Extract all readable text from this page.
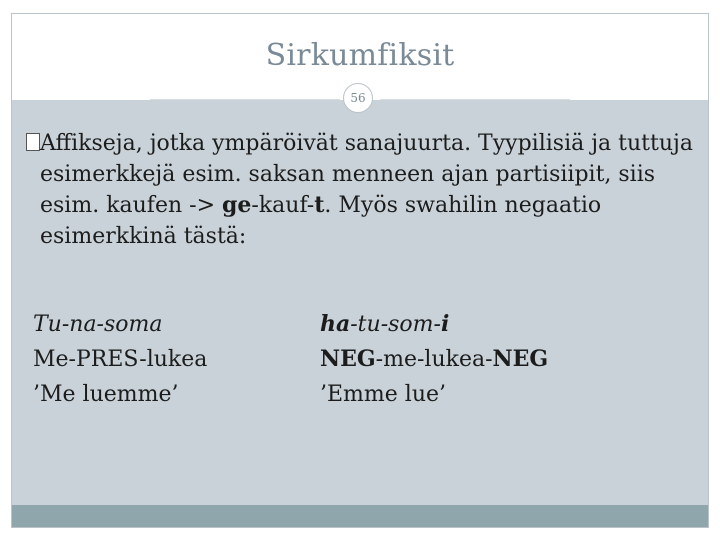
Sirkumfiksit
56
Affikseja, jotka ympäröivät sanajuurta. Tyypilisiä ja tuttuja esimerkkejä esim. saksan menneen ajan partisiipit, siis esim. kaufen -> ge-kauf-t. Myös swahilin negaatio esimerkkinä tästä:
Tu-na-soma
Me-PRES-lukea
’Me luemme’
ha-tu-som-i
NEG-me-lukea-NEG
’Emme lue’
